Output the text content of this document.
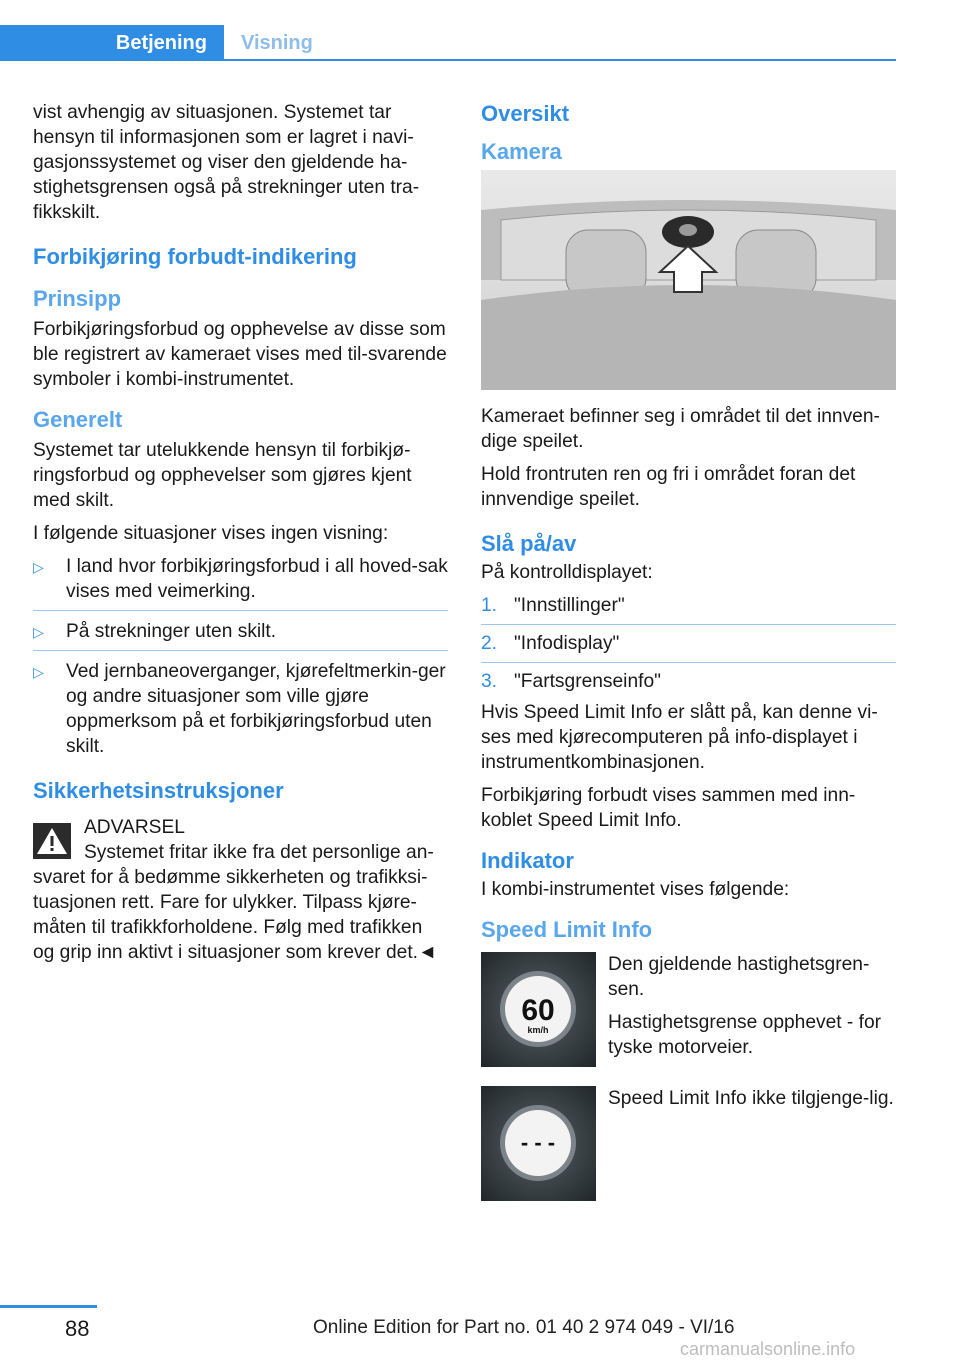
Betjening	Visning

vist avhengig av situasjonen. Systemet tar hensyn til informasjonen som er lagret i navi-gasjonssystemet og viser den gjeldende ha-stighetsgrensen også på strekninger uten tra-fikkskilt.

Forbikjøring forbudt-indikering
Prinsipp

Forbikjøringsforbud og opphevelse av disse som ble registrert av kameraet vises med til-svarende symboler i kombi-instrumentet.

Generelt

Systemet tar utelukkende hensyn til forbikjø-ringsforbud og opphevelser som gjøres kjent med skilt.

I følgende situasjoner vises ingen visning:

▷ I land hvor forbikjøringsforbud i all hoved-sak vises med veimerking.
▷ På strekninger uten skilt.
▷ Ved jernbaneoverganger, kjørefeltmerkin-ger og andre situasjoner som ville gjøre oppmerksom på et forbikjøringsforbud uten skilt.
Sikkerhetsinstruksjoner
ADVARSEL
Systemet fritar ikke fra det personlige an-svaret for å bedømme sikkerheten og trafikksi-tuasjonen rett. Fare for ulykker. Tilpass kjøre-måten til trafikkforholdene. Følg med trafikken og grip inn aktivt i situasjoner som krever det.◄
Oversikt
Kamera

Kameraet befinner seg i området til det innven-dige speilet.

Hold frontruten ren og fri i området foran det innvendige speilet.

Slå på/av

På kontrolldisplayet:

1. "Innstillinger"
2. "Infodisplay"
3. "Fartsgrenseinfo"

Hvis Speed Limit Info er slått på, kan denne vi-ses med kjørecomputeren på info-displayet i instrumentkombinasjonen.

Forbikjøring forbudt vises sammen med inn-koblet Speed Limit Info.

Indikator

I kombi-instrumentet vises følgende:

Speed Limit Info
60
km/h

Den gjeldende hastighetsgren-sen.

Hastighetsgrense opphevet - for tyske motorveier.

- - -

Speed Limit Info ikke tilgjenge-lig.

88	Online Edition for Part no. 01 40 2 974 049 - VI/16
carmanualsonline.info
